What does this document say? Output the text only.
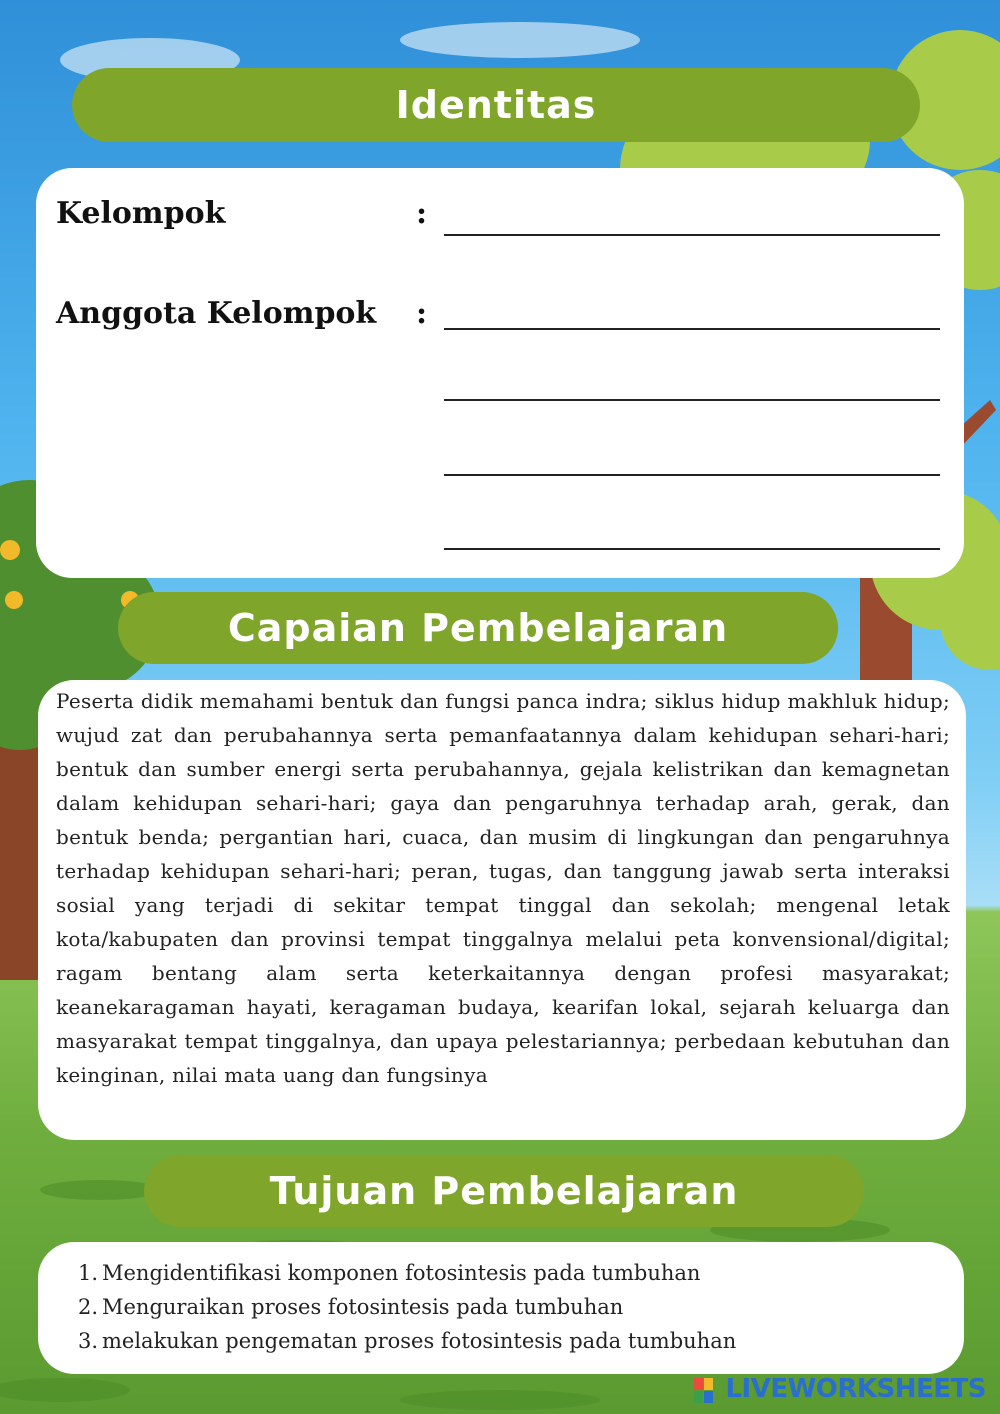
Identitas
Kelompok	:
Anggota Kelompok :
Capaian Pembelajaran

Peserta didik memahami bentuk dan fungsi panca indra; siklus hidup makhluk hidup; wujud zat dan perubahannya serta pemanfaatannya dalam kehidupan sehari-hari; bentuk dan sumber energi serta perubahannya, gejala kelistrikan dan kemagnetan dalam kehidupan sehari-hari; gaya dan pengaruhnya terhadap arah, gerak, dan bentuk benda; pergantian hari, cuaca, dan musim di lingkungan dan pengaruhnya terhadap kehidupan sehari-hari; peran, tugas, dan tanggung jawab serta interaksi sosial yang terjadi di sekitar tempat tinggal dan sekolah; mengenal letak kota/kabupaten dan provinsi tempat tinggalnya melalui peta konvensional/digital; ragam bentang alam serta keterkaitannya dengan profesi masyarakat; keanekaragaman hayati, keragaman budaya, kearifan lokal, sejarah keluarga dan masyarakat tempat tinggalnya, dan upaya pelestariannya; perbedaan kebutuhan dan keinginan, nilai mata uang dan fungsinya

Tujuan Pembelajaran
1. Mengidentifikasi komponen fotosintesis pada tumbuhan
2. Menguraikan proses fotosintesis pada tumbuhan
3. melakukan pengematan proses fotosintesis pada tumbuhan
LIVEWORKSHEETS
